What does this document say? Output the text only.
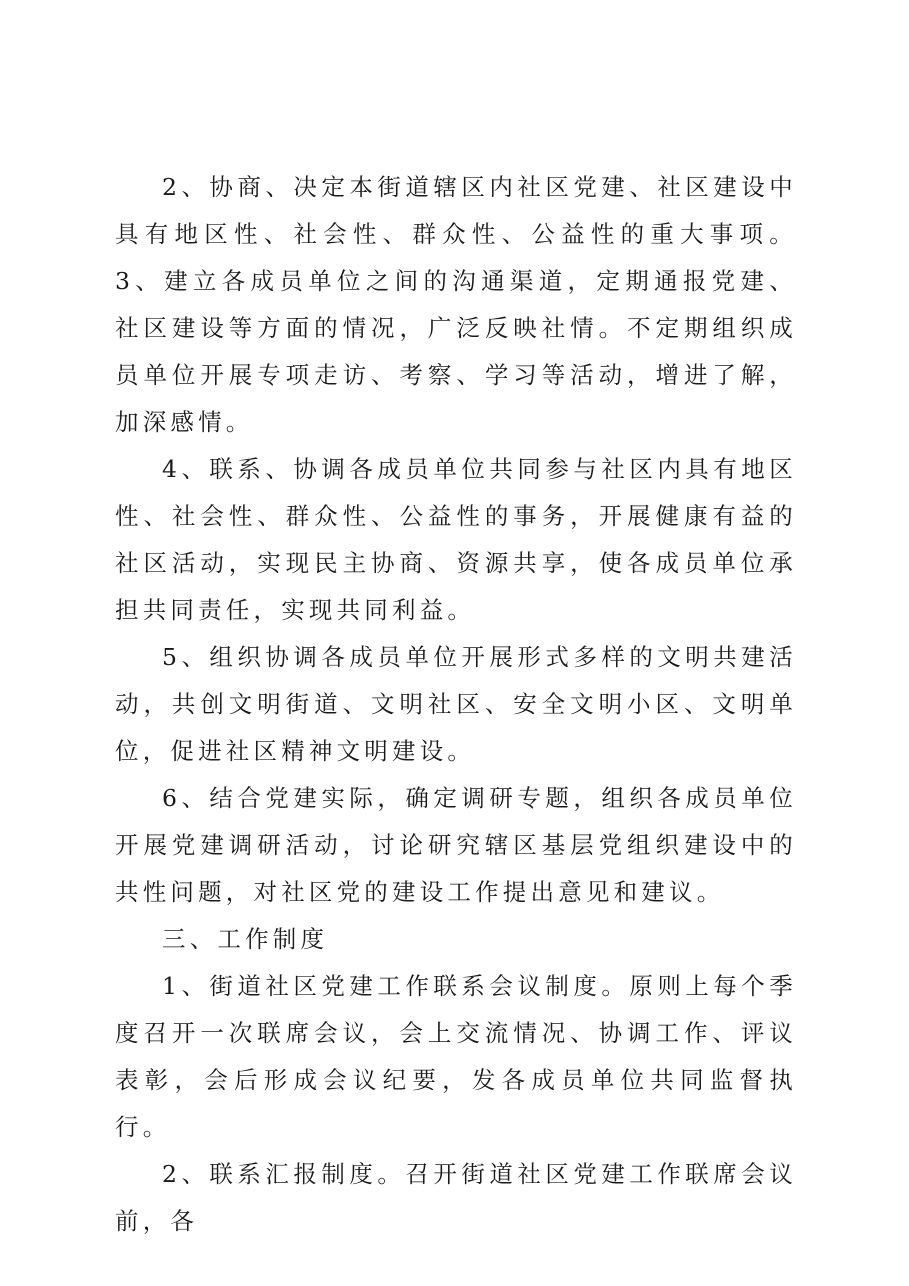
2、协商、决定本街道辖区内社区党建、社区建设中具有地区性、社会性、群众性、公益性的重大事项。3、建立各成员单位之间的沟通渠道，定期通报党建、社区建设等方面的情况，广泛反映社情。不定期组织成员单位开展专项走访、考察、学习等活动，增进了解，加深感情。

4、联系、协调各成员单位共同参与社区内具有地区性、社会性、群众性、公益性的事务，开展健康有益的社区活动，实现民主协商、资源共享，使各成员单位承担共同责任，实现共同利益。

5、组织协调各成员单位开展形式多样的文明共建活动，共创文明街道、文明社区、安全文明小区、文明单位，促进社区精神文明建设。

6、结合党建实际，确定调研专题，组织各成员单位开展党建调研活动，讨论研究辖区基层党组织建设中的共性问题，对社区党的建设工作提出意见和建议。

三、工作制度

1、街道社区党建工作联系会议制度。原则上每个季度召开一次联席会议，会上交流情况、协调工作、评议表彰，会后形成会议纪要，发各成员单位共同监督执行。

2、联系汇报制度。召开街道社区党建工作联席会议前，各
